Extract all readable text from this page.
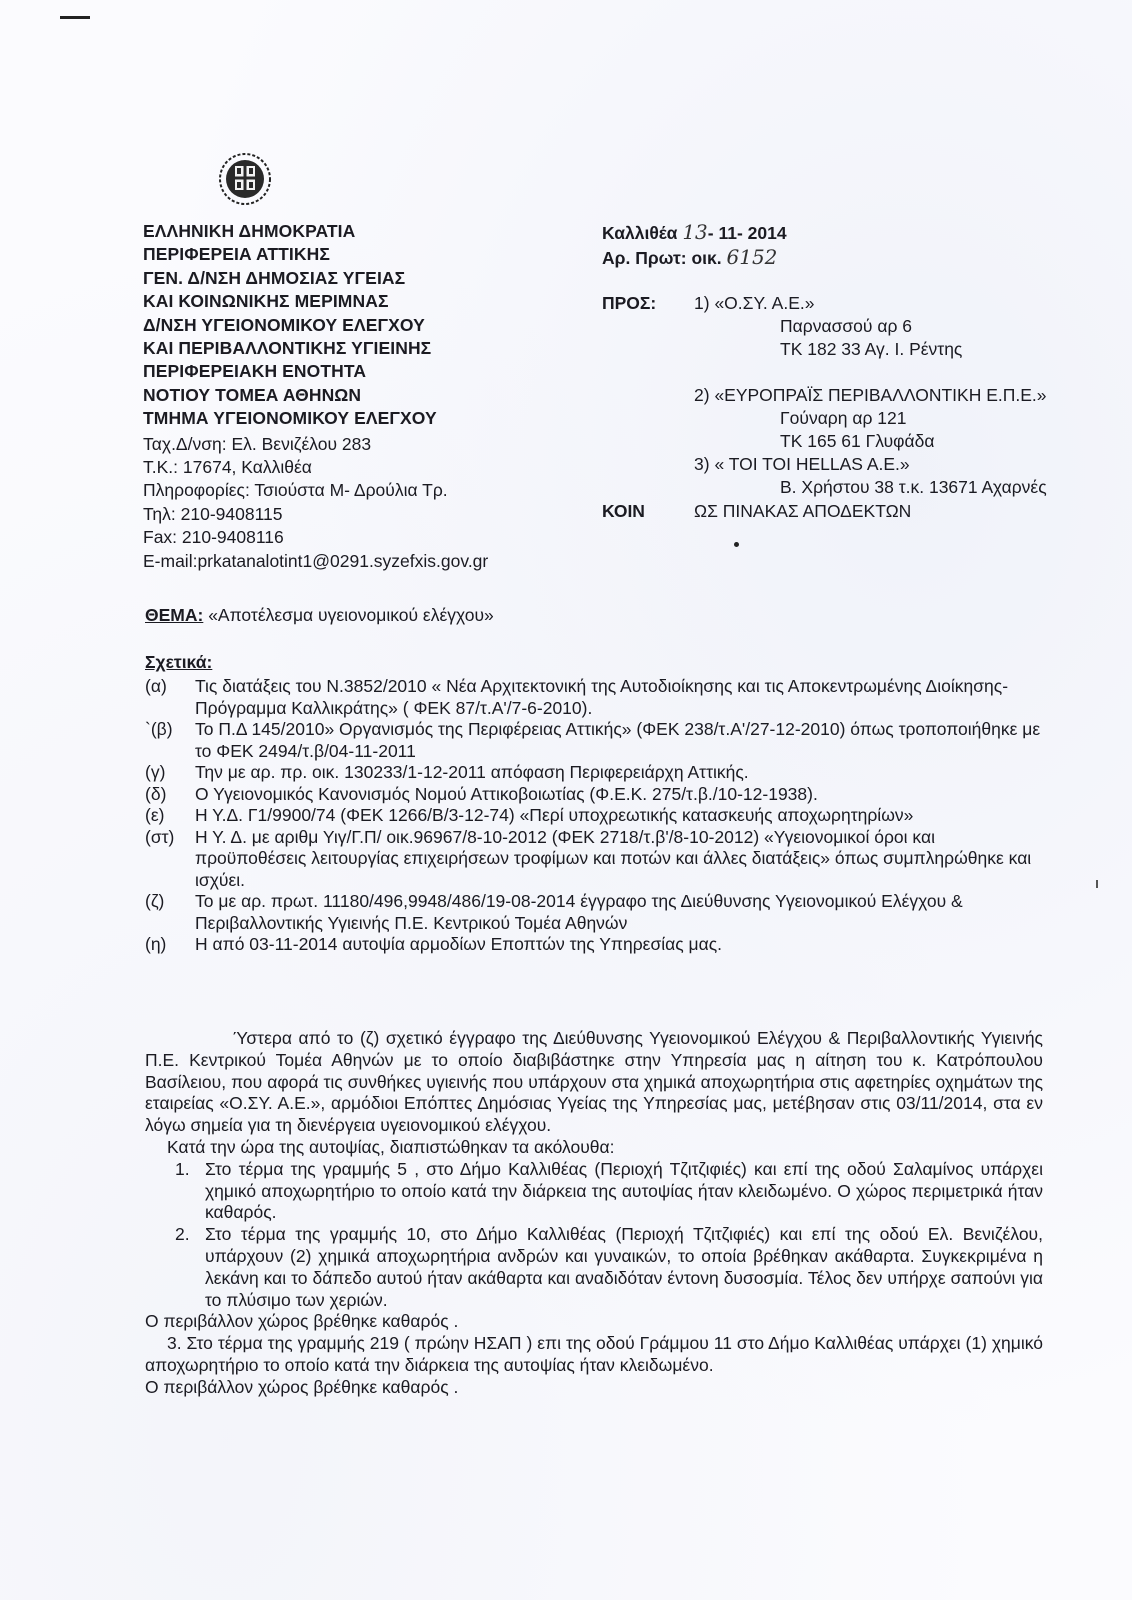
ΕΛΛΗΝΙΚΗ ΔΗΜΟΚΡΑΤΙΑ
ΠΕΡΙΦΕΡΕΙΑ ΑΤΤΙΚΗΣ
ΓΕΝ. Δ/ΝΣΗ ΔΗΜΟΣΙΑΣ ΥΓΕΙΑΣ
ΚΑΙ ΚΟΙΝΩΝΙΚΗΣ ΜΕΡΙΜΝΑΣ
Δ/ΝΣΗ ΥΓΕΙΟΝΟΜΙΚΟΥ ΕΛΕΓΧΟΥ
ΚΑΙ ΠΕΡΙΒΑΛΛΟΝΤΙΚΗΣ ΥΓΙΕΙΝΗΣ
ΠΕΡΙΦΕΡΕΙΑΚΗ ΕΝΟΤΗΤΑ
ΝΟΤΙΟΥ ΤΟΜΕΑ ΑΘΗΝΩΝ
ΤΜΗΜΑ ΥΓΕΙΟΝΟΜΙΚΟΥ ΕΛΕΓΧΟΥ
Ταχ.Δ/νση: Ελ. Βενιζέλου 283
Τ.Κ.: 17674, Καλλιθέα
Πληροφορίες: Τσιούστα Μ- Δρούλια Τρ.
Τηλ: 210-9408115
Fax: 210-9408116
E-mail:prkatanalotint1@0291.syzefxis.gov.gr
Καλλιθέα 13- 11- 2014
Αρ. Πρωτ: οικ. 6152
ΠΡΟΣ:	1) «Ο.ΣΥ. Α.Ε.»
Παρνασσού αρ 6
ΤΚ 182 33 Αγ. Ι. Ρέντης
2) «ΕΥΡΟΠΡΑΪΣ ΠΕΡΙΒΑΛΛΟΝΤΙΚΗ Ε.Π.Ε.»
Γούναρη αρ 121
ΤΚ 165 61 Γλυφάδα
3) « TOI TOI HELLAS A.E.»
Β. Χρήστου 38 τ.κ. 13671 Αχαρνές
ΚΟΙΝ	ΩΣ ΠΙΝΑΚΑΣ ΑΠΟΔΕΚΤΩΝ
ΘΕΜΑ: «Αποτέλεσμα υγειονομικού ελέγχου»
Σχετικά:
(α)	Τις διατάξεις του Ν.3852/2010 « Νέα Αρχιτεκτονική της Αυτοδιοίκησης και τις Αποκεντρωμένης Διοίκησης- Πρόγραμμα Καλλικράτης» ( ΦΕΚ 87/τ.Α'/7-6-2010).
`(β)	Το Π.Δ 145/2010» Οργανισμός της Περιφέρειας Αττικής» (ΦΕΚ 238/τ.Α'/27-12-2010) όπως τροποποιήθηκε με το ΦΕΚ 2494/τ.β/04-11-2011
(γ)	Την με αρ. πρ. οικ. 130233/1-12-2011 απόφαση Περιφερειάρχη Αττικής.
(δ)	Ο Υγειονομικός Κανονισμός Νομού Αττικοβοιωτίας (Φ.Ε.Κ. 275/τ.β./10-12-1938).
(ε)	Η Υ.Δ. Γ1/9900/74 (ΦΕΚ 1266/Β/3-12-74) «Περί υποχρεωτικής κατασκευής αποχωρητηρίων»
(στ)	Η Υ. Δ. με αριθμ Υιγ/Γ.Π/ οικ.96967/8-10-2012 (ΦΕΚ 2718/τ.β'/8-10-2012) «Υγειονομικοί όροι και προϋποθέσεις λειτουργίας επιχειρήσεων τροφίμων και ποτών και άλλες διατάξεις» όπως συμπληρώθηκε και ισχύει.
(ζ)	Το με αρ. πρωτ. 11180/496,9948/486/19-08-2014 έγγραφο της Διεύθυνσης Υγειονομικού Ελέγχου & Περιβαλλοντικής Υγιεινής Π.Ε. Κεντρικού Τομέα Αθηνών
(η)	Η από 03-11-2014 αυτοψία αρμοδίων Εποπτών της Υπηρεσίας μας.
Ύστερα από το (ζ) σχετικό έγγραφο της Διεύθυνσης Υγειονομικού Ελέγχου & Περιβαλλοντικής Υγιεινής Π.Ε. Κεντρικού Τομέα Αθηνών με το οποίο διαβιβάστηκε στην Υπηρεσία μας η αίτηση του κ. Κατρόπουλου Βασίλειου, που αφορά τις συνθήκες υγιεινής που υπάρχουν στα χημικά αποχωρητήρια στις αφετηρίες οχημάτων της εταιρείας «Ο.ΣΥ. Α.Ε.», αρμόδιοι Επόπτες Δημόσιας Υγείας της Υπηρεσίας μας, μετέβησαν στις 03/11/2014, στα εν λόγω σημεία για τη διενέργεια υγειονομικού ελέγχου.
Κατά την ώρα της αυτοψίας, διαπιστώθηκαν τα ακόλουθα:
1. Στο τέρμα της γραμμής 5 , στο Δήμο Καλλιθέας (Περιοχή Τζιτζιφιές) και επί της οδού Σαλαμίνος υπάρχει χημικό αποχωρητήριο το οποίο κατά την διάρκεια της αυτοψίας ήταν κλειδωμένο. Ο χώρος περιμετρικά ήταν καθαρός.
2. Στο τέρμα της γραμμής 10, στο Δήμο Καλλιθέας (Περιοχή Τζιτζιφιές) και επί της οδού Ελ. Βενιζέλου, υπάρχουν (2) χημικά αποχωρητήρια ανδρών και γυναικών, το οποία βρέθηκαν ακάθαρτα. Συγκεκριμένα η λεκάνη και το δάπεδο αυτού ήταν ακάθαρτα και αναδιδόταν έντονη δυσοσμία. Τέλος δεν υπήρχε σαπούνι για το πλύσιμο των χεριών.
Ο περιβάλλον χώρος βρέθηκε καθαρός .
3. Στο τέρμα της γραμμής 219 ( πρώην ΗΣΑΠ ) επι της οδού Γράμμου 11 στο Δήμο Καλλιθέας υπάρχει (1) χημικό αποχωρητήριο το οποίο κατά την διάρκεια της αυτοψίας ήταν κλειδωμένο.
Ο περιβάλλον χώρος βρέθηκε καθαρός .
